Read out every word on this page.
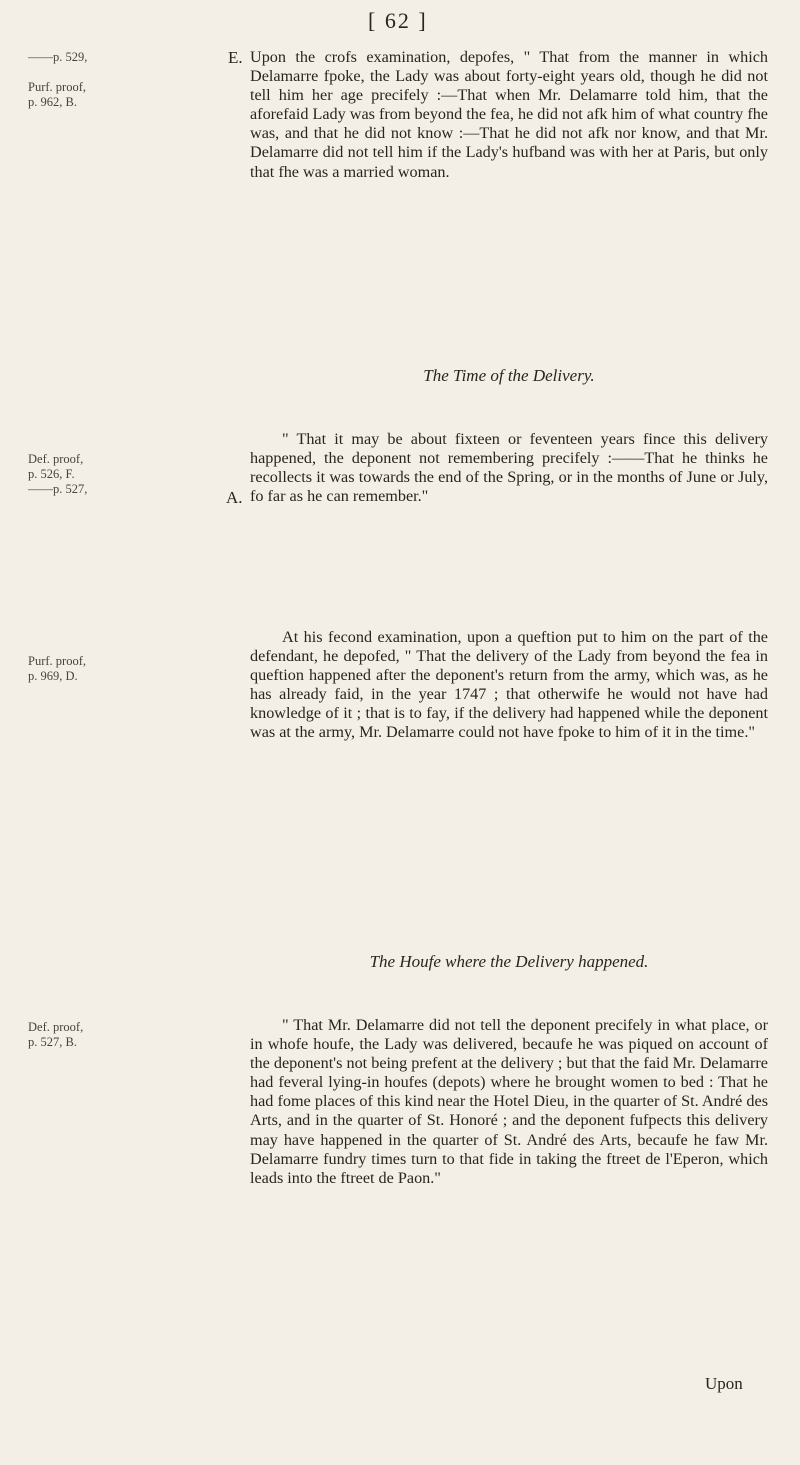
[ 62 ]
——p. 529,
Purf. proof,
p. 962, B.
Def. proof,
p. 526, F.
——p. 527,
Purf. proof,
p. 969, D.
Def. proof,
p. 527, B.
E.
A.
Upon the crofs examination, depofes, " That from the manner in which Delamarre fpoke, the Lady was about forty-eight years old, though he did not tell him her age precifely :—That when Mr. Delamarre told him, that the aforefaid Lady was from beyond the fea, he did not afk him of what country fhe was, and that he did not know :—That he did not afk nor know, and that Mr. Delamarre did not tell him if the Lady's hufband was with her at Paris, but only that fhe was a married woman.
The Time of the Delivery.
" That it may be about fixteen or feventeen years fince this delivery happened, the deponent not remembering precifely :——That he thinks he recollects it was towards the end of the Spring, or in the months of June or July, fo far as he can remember."
At his fecond examination, upon a queftion put to him on the part of the defendant, he depofed, " That the delivery of the Lady from beyond the fea in queftion happened after the deponent's return from the army, which was, as he has already faid, in the year 1747 ; that otherwife he would not have had knowledge of it ; that is to fay, if the delivery had happened while the deponent was at the army, Mr. Delamarre could not have fpoke to him of it in the time."
The Houfe where the Delivery happened.
" That Mr. Delamarre did not tell the deponent precifely in what place, or in whofe houfe, the Lady was delivered, becaufe he was piqued on account of the deponent's not being prefent at the delivery ; but that the faid Mr. Delamarre had feveral lying-in houfes (depots) where he brought women to bed : That he had fome places of this kind near the Hotel Dieu, in the quarter of St. André des Arts, and in the quarter of St. Honoré ; and the deponent fufpects this delivery may have happened in the quarter of St. André des Arts, becaufe he faw Mr. Delamarre fundry times turn to that fide in taking the ftreet de l'Eperon, which leads into the ftreet de Paon."
Upon
